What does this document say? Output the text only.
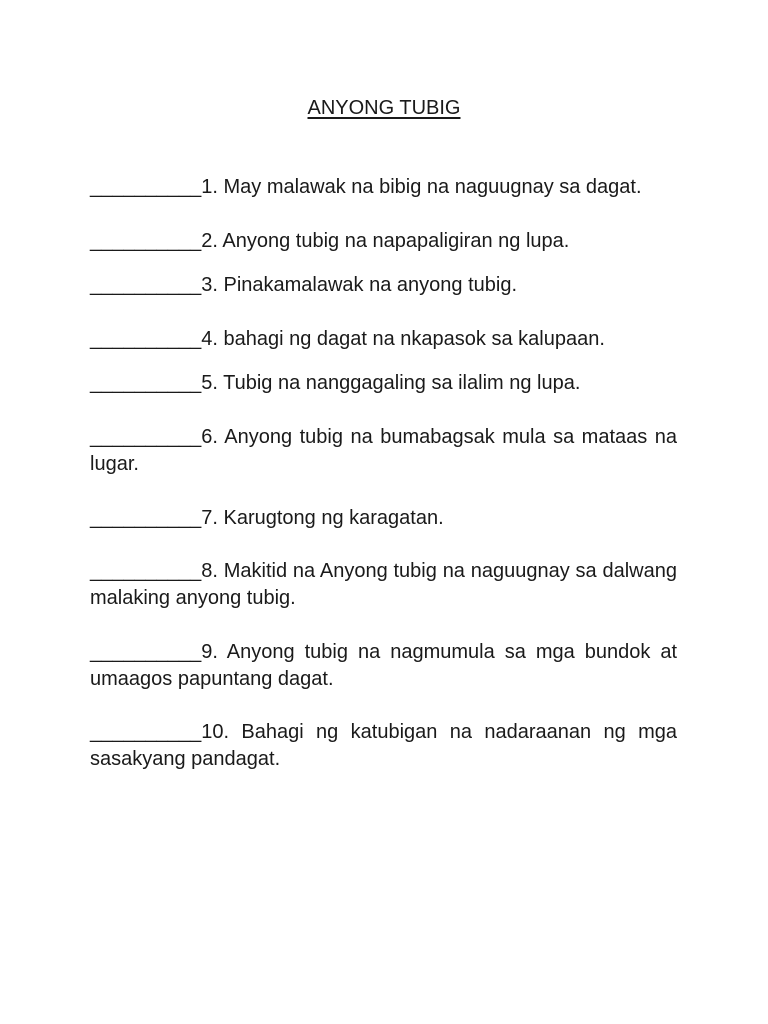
ANYONG TUBIG
__________1. May malawak na bibig na naguugnay sa dagat.
__________2. Anyong tubig na napapaligiran ng lupa.
__________3. Pinakamalawak na anyong tubig.
__________4. bahagi ng dagat na nkapasok sa kalupaan.
__________5. Tubig na nanggagaling sa ilalim ng lupa.
__________6. Anyong tubig na bumabagsak mula sa mataas na lugar.
__________7. Karugtong ng karagatan.
__________8. Makitid na Anyong tubig na naguugnay sa dalwang malaking anyong tubig.
__________9. Anyong tubig na nagmumula sa mga bundok at umaagos papuntang dagat.
__________10. Bahagi ng katubigan na nadaraanan ng mga sasakyang pandagat.
